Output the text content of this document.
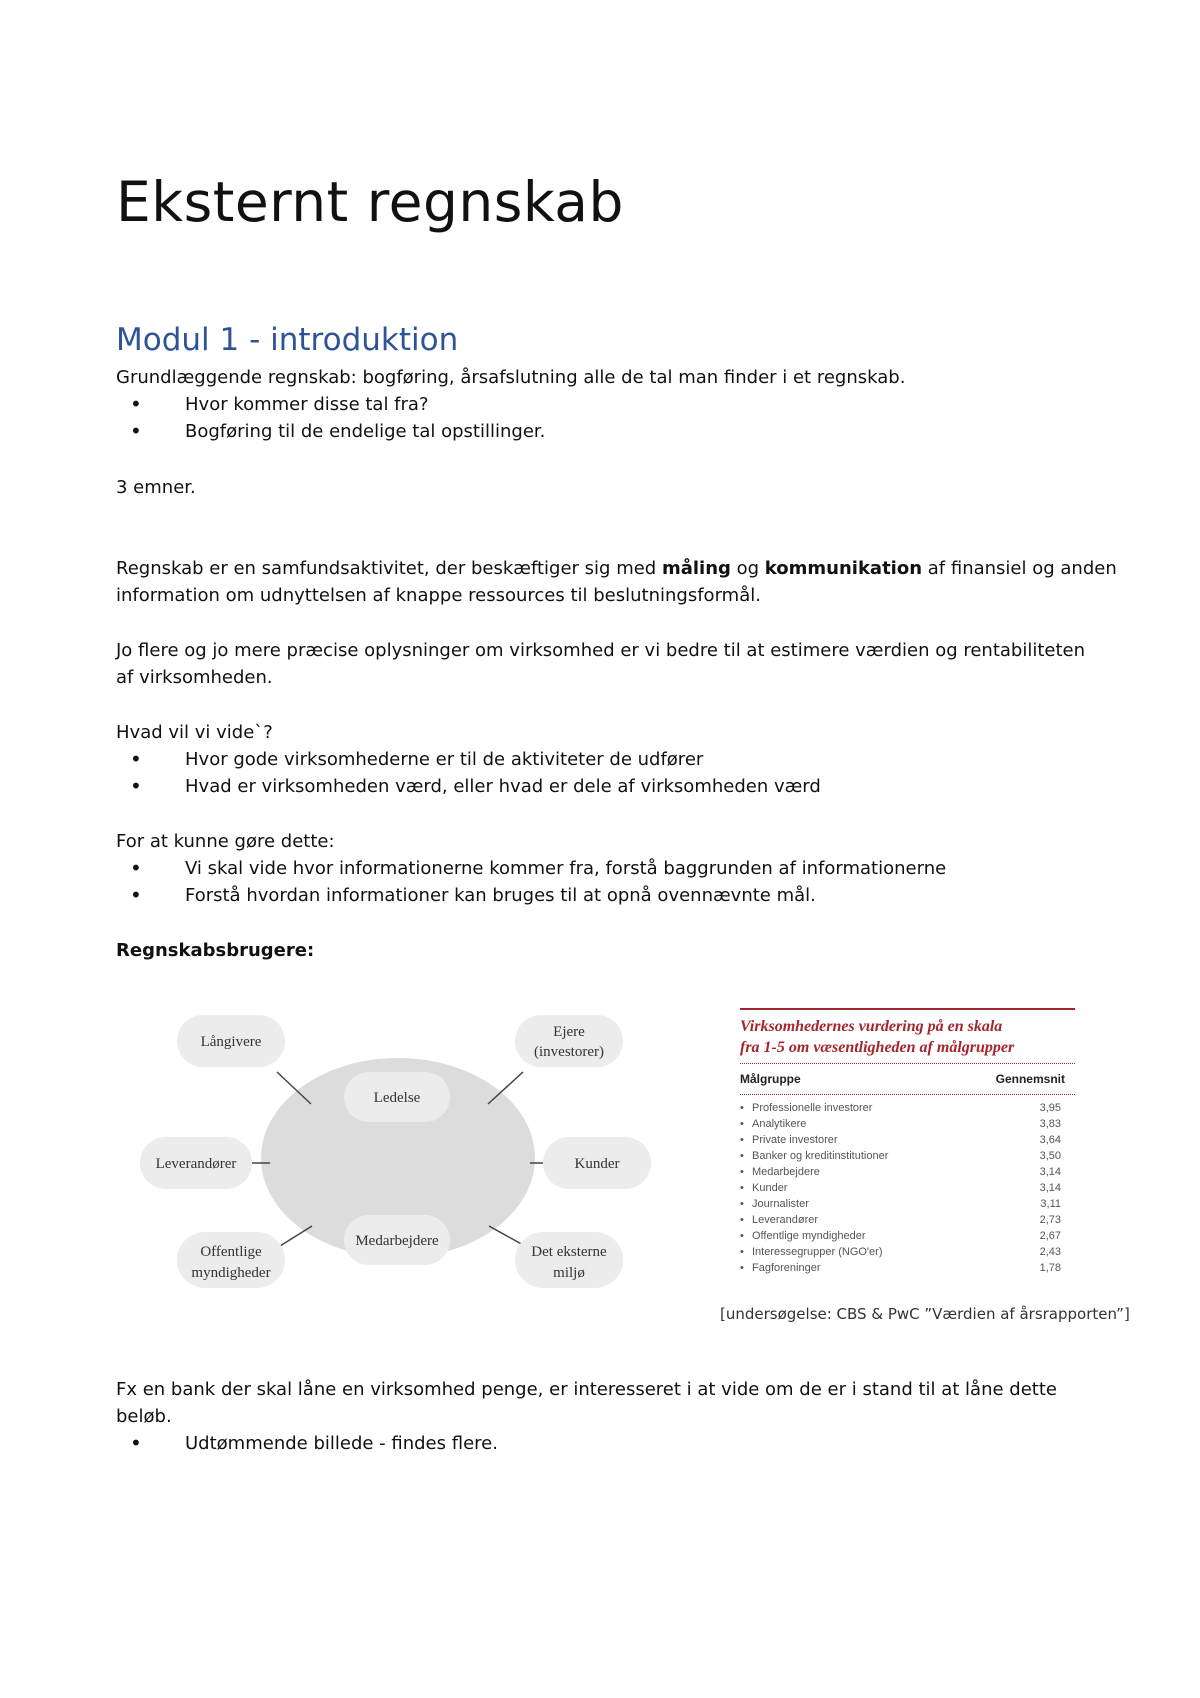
Eksternt regnskab
Modul 1 - introduktion
Grundlæggende regnskab: bogføring, årsafslutning alle de tal man finder i et regnskab.
• Hvor kommer disse tal fra?
• Bogføring til de endelige tal opstillinger.
3 emner.
Regnskab er en samfundsaktivitet, der beskæftiger sig med måling og kommunikation af finansiel og anden
information om udnyttelsen af knappe ressources til beslutningsformål.
Jo flere og jo mere præcise oplysninger om virksomhed er vi bedre til at estimere værdien og rentabiliteten
af virksomheden.
Hvad vil vi vide`?
• Hvor gode virksomhederne er til de aktiviteter de udfører
• Hvad er virksomheden værd, eller hvad er dele af virksomheden værd
For at kunne gøre dette:
• Vi skal vide hvor informationerne kommer fra, forstå baggrunden af informationerne
• Forstå hvordan informationer kan bruges til at opnå ovennævnte mål.
Regnskabsbrugere:
Ledelse
Medarbejdere
Långivere
Ejere
(investorer)
Leverandører	Kunder
Offentlige
myndigheder
Det eksterne
miljø
Virksomhedernes vurdering på en skala
fra 1-5 om væsentligheden af målgrupper
Målgruppe	Gennemsnit
• Professionelle investorer	3,95
• Analytikere	3,83
• Private investorer	3,64
• Banker og kreditinstitutioner	3,50
• Medarbejdere	3,14
• Kunder	3,14
• Journalister	3,11
• Leverandører	2,73
• Offentlige myndigheder	2,67
• Interessegrupper (NGO'er)	2,43
• Fagforeninger	1,78
[undersøgelse: CBS & PwC ”Værdien af årsrapporten”]
Fx en bank der skal låne en virksomhed penge, er interesseret i at vide om de er i stand til at låne dette
beløb.
• Udtømmende billede - findes flere.
